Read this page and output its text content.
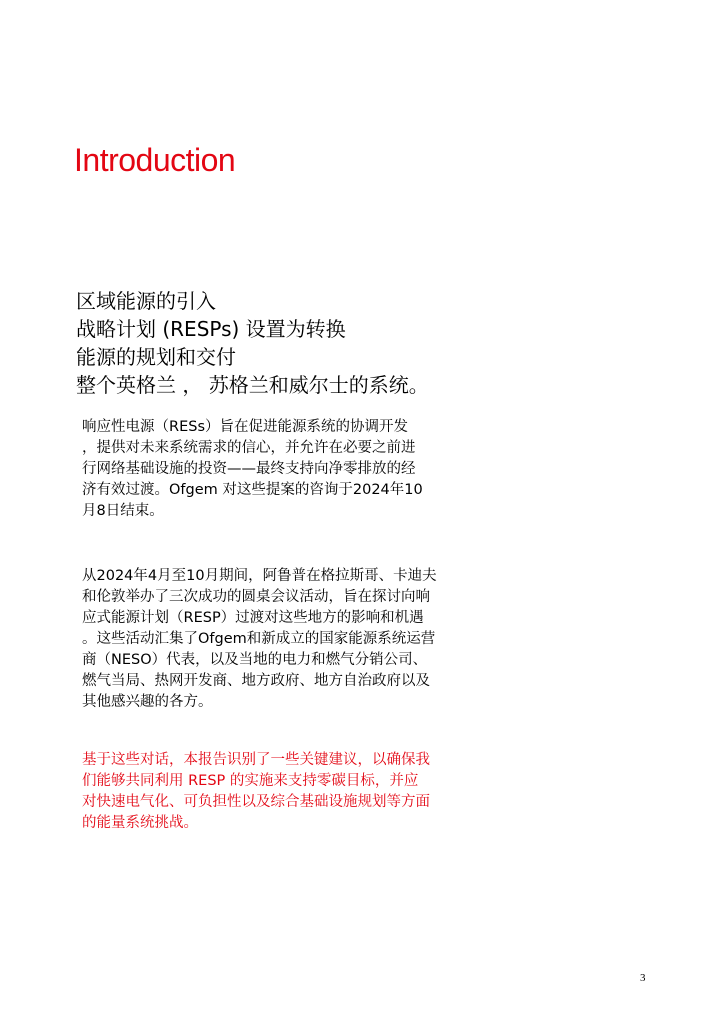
Introduction
区域能源的引入
战略计划 (RESPs) 设置为转换
能源的规划和交付
整个英格兰 ， 苏格兰和威尔士的系统。

响应性电源（RESs）旨在促进能源系统的协调开发
，提供对未来系统需求的信心，并允许在必要之前进
行网络基础设施的投资——最终支持向净零排放的经
济有效过渡。Ofgem 对这些提案的咨询于2024年10
月8日结束。

从2024年4月至10月期间，阿鲁普在格拉斯哥、卡迪夫
和伦敦举办了三次成功的圆桌会议活动，旨在探讨向响
应式能源计划（RESP）过渡对这些地方的影响和机遇
。这些活动汇集了Ofgem和新成立的国家能源系统运营
商（NESO）代表，以及当地的电力和燃气分销公司、
燃气当局、热网开发商、地方政府、地方自治政府以及
其他感兴趣的各方。

基于这些对话，本报告识别了一些关键建议，以确保我
们能够共同利用 RESP 的实施来支持零碳目标，并应
对快速电气化、可负担性以及综合基础设施规划等方面
的能量系统挑战。

3
